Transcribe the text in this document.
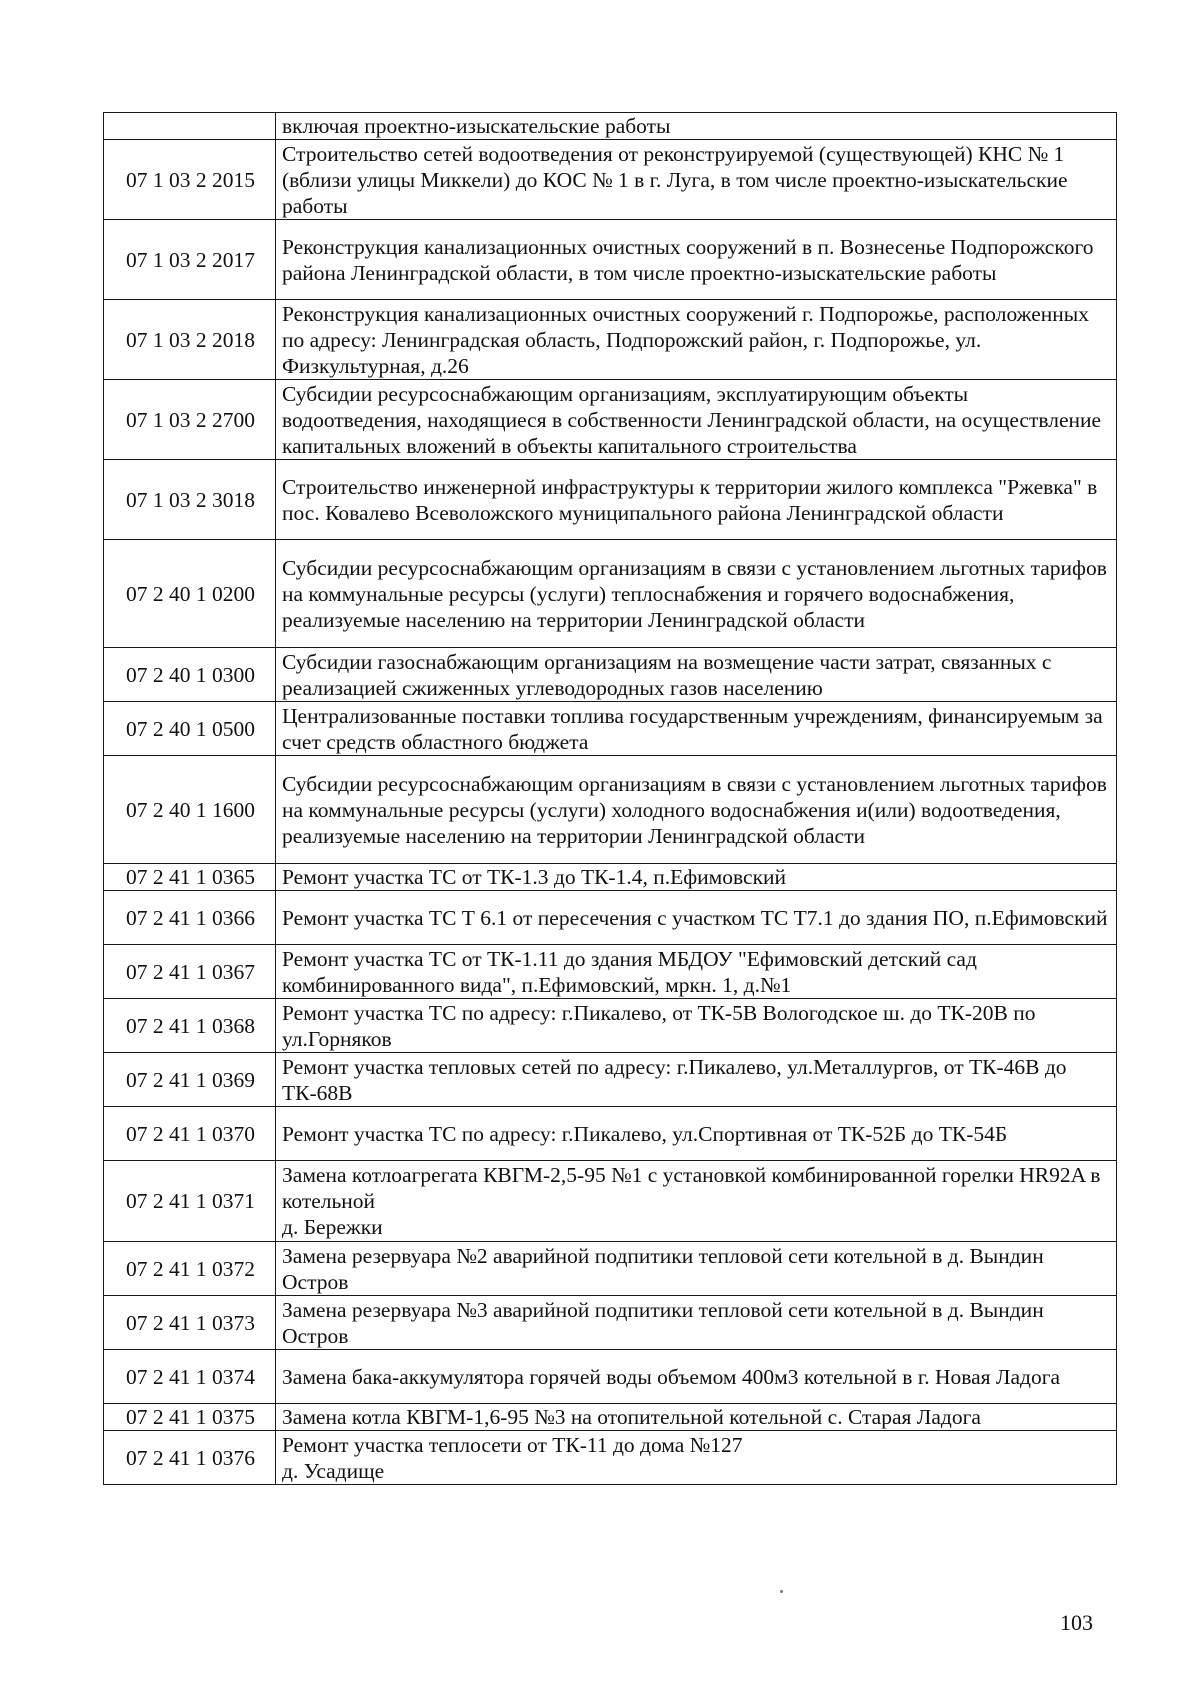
	включая проектно-изыскательские работы
07 1 03 2 2015	Строительство сетей водоотведения от реконструируемой (существующей) КНС № 1 (вблизи улицы Миккели) до КОС № 1 в г. Луга, в том числе проектно-изыскательские работы
07 1 03 2 2017	Реконструкция канализационных очистных сооружений в п. Вознесенье Подпорожского района Ленинградской области, в том числе проектно-изыскательские работы
07 1 03 2 2018	Реконструкция канализационных очистных сооружений г. Подпорожье, расположенных по адресу: Ленинградская область, Подпорожский район, г. Подпорожье, ул. Физкультурная, д.26
07 1 03 2 2700	Субсидии ресурсоснабжающим организациям, эксплуатирующим объекты водоотведения, находящиеся в собственности Ленинградской области, на осуществление капитальных вложений в объекты капитального строительства
07 1 03 2 3018	Строительство инженерной инфраструктуры к территории жилого комплекса "Ржевка" в пос. Ковалево Всеволожского муниципального района Ленинградской области
07 2 40 1 0200	Субсидии ресурсоснабжающим организациям в связи с установлением льготных тарифов на коммунальные ресурсы (услуги) теплоснабжения и горячего водоснабжения, реализуемые населению на территории Ленинградской области
07 2 40 1 0300	Субсидии газоснабжающим организациям на возмещение части затрат, связанных с реализацией сжиженных углеводородных газов населению
07 2 40 1 0500	Централизованные поставки топлива государственным учреждениям, финансируемым за счет средств областного бюджета
07 2 40 1 1600	Субсидии ресурсоснабжающим организациям в связи с установлением льготных тарифов на коммунальные ресурсы (услуги) холодного водоснабжения и(или) водоотведения, реализуемые населению на территории Ленинградской области
07 2 41 1 0365	Ремонт участка ТС от ТК-1.3 до ТК-1.4, п.Ефимовский
07 2 41 1 0366	Ремонт участка ТС Т 6.1 от пересечения с участком ТС Т7.1 до здания ПО, п.Ефимовский
07 2 41 1 0367	Ремонт участка ТС от ТК-1.11 до здания МБДОУ "Ефимовский детский сад комбинированного вида", п.Ефимовский, мркн. 1, д.№1
07 2 41 1 0368	Ремонт участка ТС по адресу: г.Пикалево, от ТК-5В Вологодское ш. до ТК-20В по ул.Горняков
07 2 41 1 0369	Ремонт участка тепловых сетей по адресу: г.Пикалево, ул.Металлургов, от ТК-46В до ТК-68В
07 2 41 1 0370	Ремонт участка ТС по адресу: г.Пикалево, ул.Спортивная от ТК-52Б до ТК-54Б
07 2 41 1 0371	Замена котлоагрегата КВГМ-2,5-95 №1 с установкой комбинированной горелки HR92A в котельной
д. Бережки
07 2 41 1 0372	Замена резервуара №2 аварийной подпитики тепловой сети котельной в д. Вындин Остров
07 2 41 1 0373	Замена резервуара №3 аварийной подпитики тепловой сети котельной в д. Вындин Остров
07 2 41 1 0374	Замена бака-аккумулятора горячей воды объемом 400м3 котельной в г. Новая Ладога
07 2 41 1 0375	Замена котла КВГМ-1,6-95 №3 на отопительной котельной с. Старая Ладога
07 2 41 1 0376	Ремонт участка теплосети от ТК-11 до дома №127
д. Усадище
103
